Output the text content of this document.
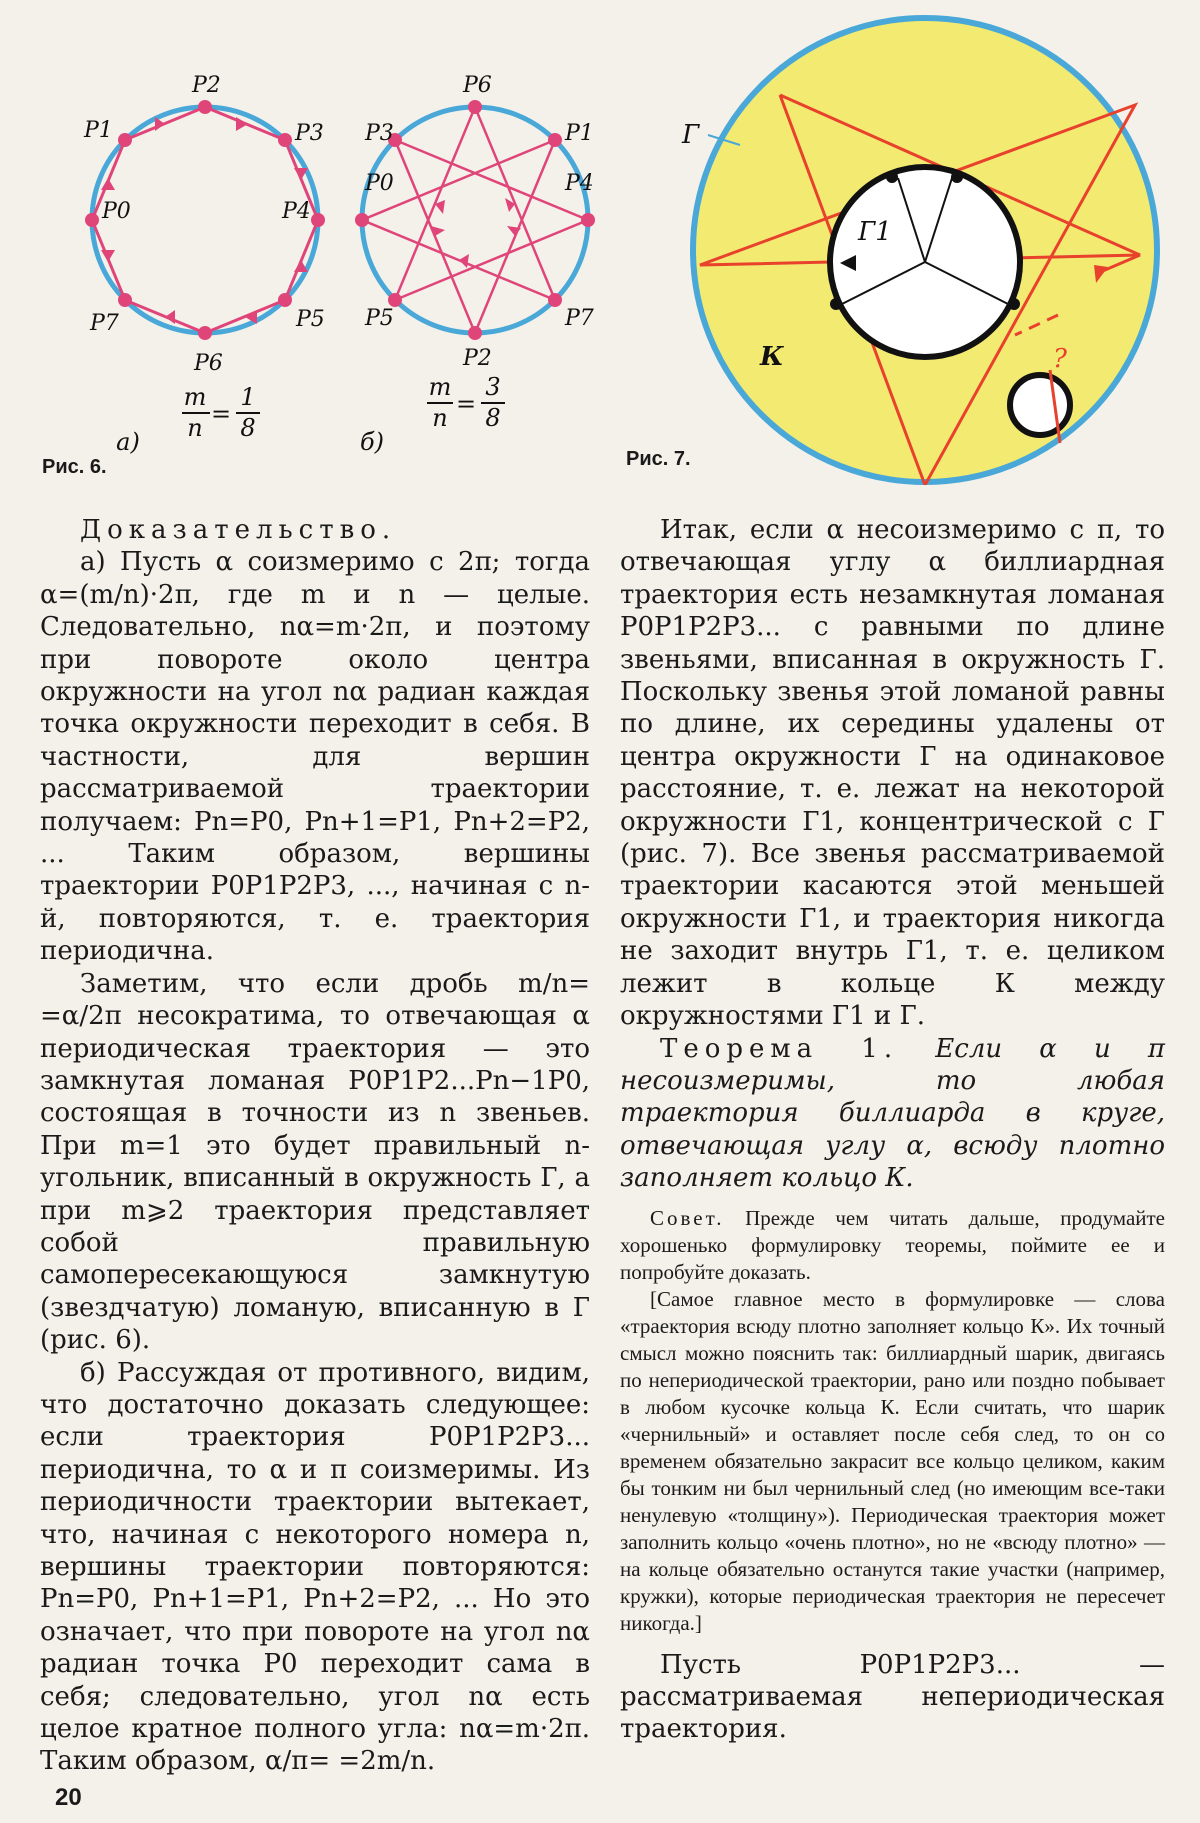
P2
P1	P3
P0	P4
P7	P5
P6
m
n =
1
8
а)
P6
P3	P1
P0	P4
P5	P7
P2
m
n =
3
8
б)
Рис. 6.
Г
Г1
К	?
Рис. 7.

Доказательство.

а) Пусть α соизмеримо с 2π; тогда α=(m/n)·2π, где m и n — целые. Следовательно, nα=m·2π, и поэтому при повороте около центра окружности на угол nα радиан каждая точка окружности переходит в себя. В частности, для вершин рассматриваемой траектории получаем: Pn=P0, Pn+1=P1, Pn+2=P2, ... Таким образом, вершины траектории P0P1P2P3, ..., начиная с n-й, повторяются, т. е. траектория периодична.

Заметим, что если дробь m/n= =α/2π несократима, то отвечающая α периодическая траектория — это замкнутая ломаная P0P1P2...Pn−1P0, состоящая в точности из n звеньев. При m=1 это будет правильный n-угольник, вписанный в окружность Г, а при m⩾2 траектория представляет собой правильную самопересекающуюся замкнутую (звездчатую) ломаную, вписанную в Г (рис. 6).

б) Рассуждая от противного, видим, что достаточно доказать следующее: если траектория P0P1P2P3... периодична, то α и π соизмеримы. Из периодичности траектории вытекает, что, начиная с некоторого номера n, вершины траектории повторяются: Pn=P0, Pn+1=P1, Pn+2=P2, ... Но это означает, что при повороте на угол nα радиан точка P0 переходит сама в себя; следовательно, угол nα есть целое кратное полного угла: nα=m·2π. Таким образом, α/π= =2m/n.

Итак, если α несоизмеримо с π, то отвечающая углу α биллиардная траектория есть незамкнутая ломаная P0P1P2P3... с равными по длине звеньями, вписанная в окружность Г. Поскольку звенья этой ломаной равны по длине, их середины удалены от центра окружности Г на одинаковое расстояние, т. е. лежат на некоторой окружности Г1, концентрической с Г (рис. 7). Все звенья рассматриваемой траектории касаются этой меньшей окружности Г1, и траектория никогда не заходит внутрь Г1, т. е. целиком лежит в кольце К между окружностями Г1 и Г.

Теорема 1. Если α и π несоизмеримы, то любая траектория биллиарда в круге, отвечающая углу α, всюду плотно заполняет кольцо К.

Совет. Прежде чем читать дальше, продумайте хорошенько формулировку теоремы, поймите ее и попробуйте доказать.

[Самое главное место в формулировке — слова «траектория всюду плотно заполняет кольцо К». Их точный смысл можно пояснить так: биллиардный шарик, двигаясь по непериодической траектории, рано или поздно побывает в любом кусочке кольца К. Если считать, что шарик «чернильный» и оставляет после себя след, то он со временем обязательно закрасит все кольцо целиком, каким бы тонким ни был чернильный след (но имеющим все-таки ненулевую «толщину»). Периодическая траектория может заполнить кольцо «очень плотно», но не «всюду плотно» — на кольце обязательно останутся такие участки (например, кружки), которые периодическая траектория не пересечет никогда.]

Пусть P0P1P2P3... — рассматриваемая непериодическая траектория.

20
